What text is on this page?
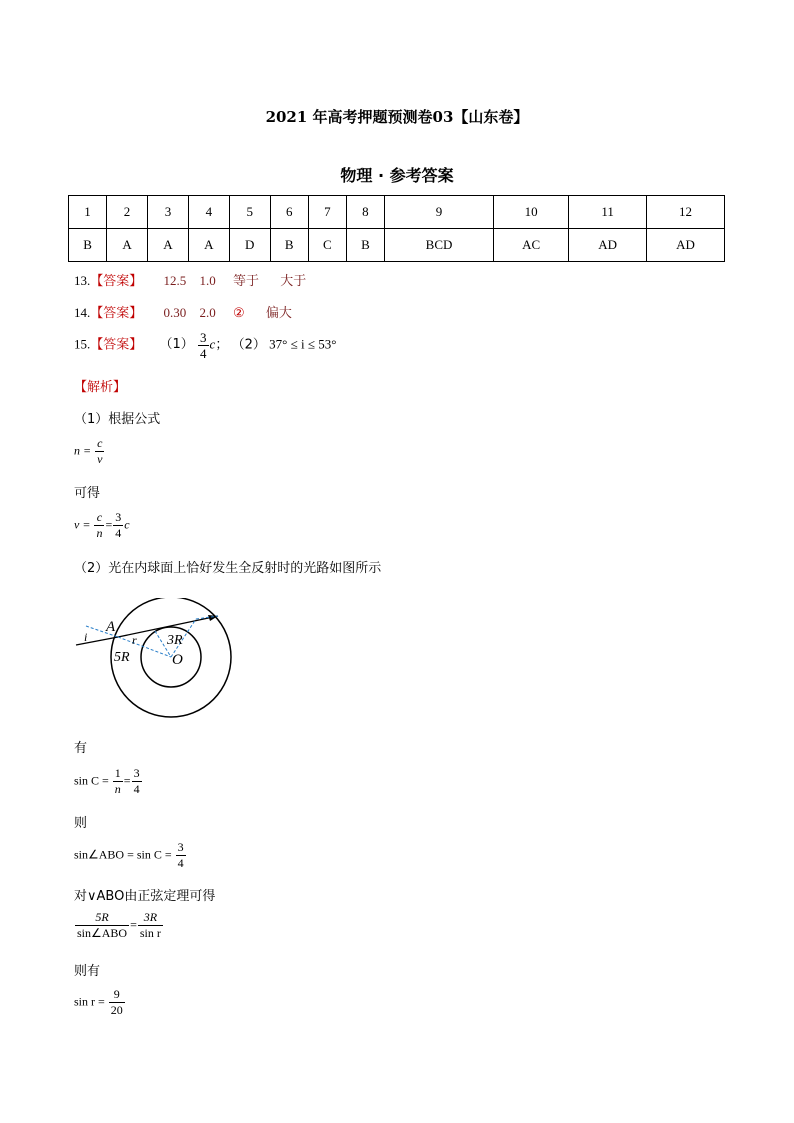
2021 年高考押题预测卷03【山东卷】
物理 · 参考答案
1	2	3	4	5	6	7	8	9	10	11	12
B	A	A	A	D	B	C	B	BCD	AC	AD	AD
13.【答案】 12.5 1.0 等于 大于
14.【答案】 0.30 2.0 ② 偏大
15.【答案】 $(1) \frac{3}{4}$ c； （2） 37° ≤ i ≤ 53°
【解析】
（1）根据公式
$n = \frac{c}{v}$
可得
$v = \frac{c}{n} = \frac{3}{4}$ c
（2）光在内球面上恰好发生全反射时的光路如图所示
A
i	r
O
3R
5R
有
$\sin C = \frac{1}{n} = \frac{3}{4}$
则
sin∠ABO = $\sin C = \frac{3}{4}$
对∨ABO由正弦定理可得
$\frac{5R}{\text{sin∠ABO}} = \frac{3R}{\text{sin r}}$
则有
$\sin r = \frac{9}{20}$
